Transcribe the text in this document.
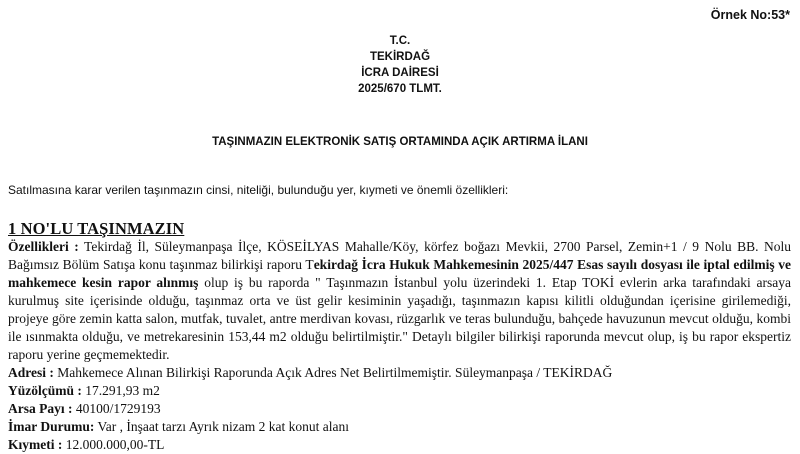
Örnek No:53*
T.C.
TEKİRDAĞ
İCRA DAİRESİ
2025/670 TLMT.
TAŞINMAZIN ELEKTRONİK SATIŞ ORTAMINDA AÇIK ARTIRMA İLANI
Satılmasına karar verilen taşınmazın cinsi, niteliği, bulunduğu yer, kıymeti ve önemli özellikleri:
1 NO'LU TAŞINMAZIN

Özellikleri : Tekirdağ İl, Süleymanpaşa İlçe, KÖSEİLYAS Mahalle/Köy, körfez boğazı Mevkii, 2700 Parsel, Zemin+1 / 9 Nolu BB. Nolu Bağımsız Bölüm Satışa konu taşınmaz bilirkişi raporu Tekirdağ İcra Hukuk Mahkemesinin 2025/447 Esas sayılı dosyası ile iptal edilmiş ve mahkemece kesin rapor alınmış olup iş bu raporda " Taşınmazın İstanbul yolu üzerindeki 1. Etap TOKİ evlerin arka tarafındaki arsaya kurulmuş site içerisinde olduğu, taşınmaz orta ve üst gelir kesiminin yaşadığı, taşınmazın kapısı kilitli olduğundan içerisine girilemediği, projeye göre zemin katta salon, mutfak, tuvalet, antre merdivan kovası, rüzgarlık ve teras bulunduğu, bahçede havuzunun mevcut olduğu, kombi ile ısınmakta olduğu, ve metrekaresinin 153,44 m2 olduğu belirtilmiştir." Detaylı bilgiler bilirkişi raporunda mevcut olup, iş bu rapor ekspertiz raporu yerine geçmemektedir.

Adresi : Mahkemece Alınan Bilirkişi Raporunda Açık Adres Net Belirtilmemiştir. Süleymanpaşa / TEKİRDAĞ

Yüzölçümü : 17.291,93 m2

Arsa Payı : 40100/1729193

İmar Durumu: Var , İnşaat tarzı Ayrık nizam 2 kat konut alanı

Kıymeti : 12.000.000,00-TL
